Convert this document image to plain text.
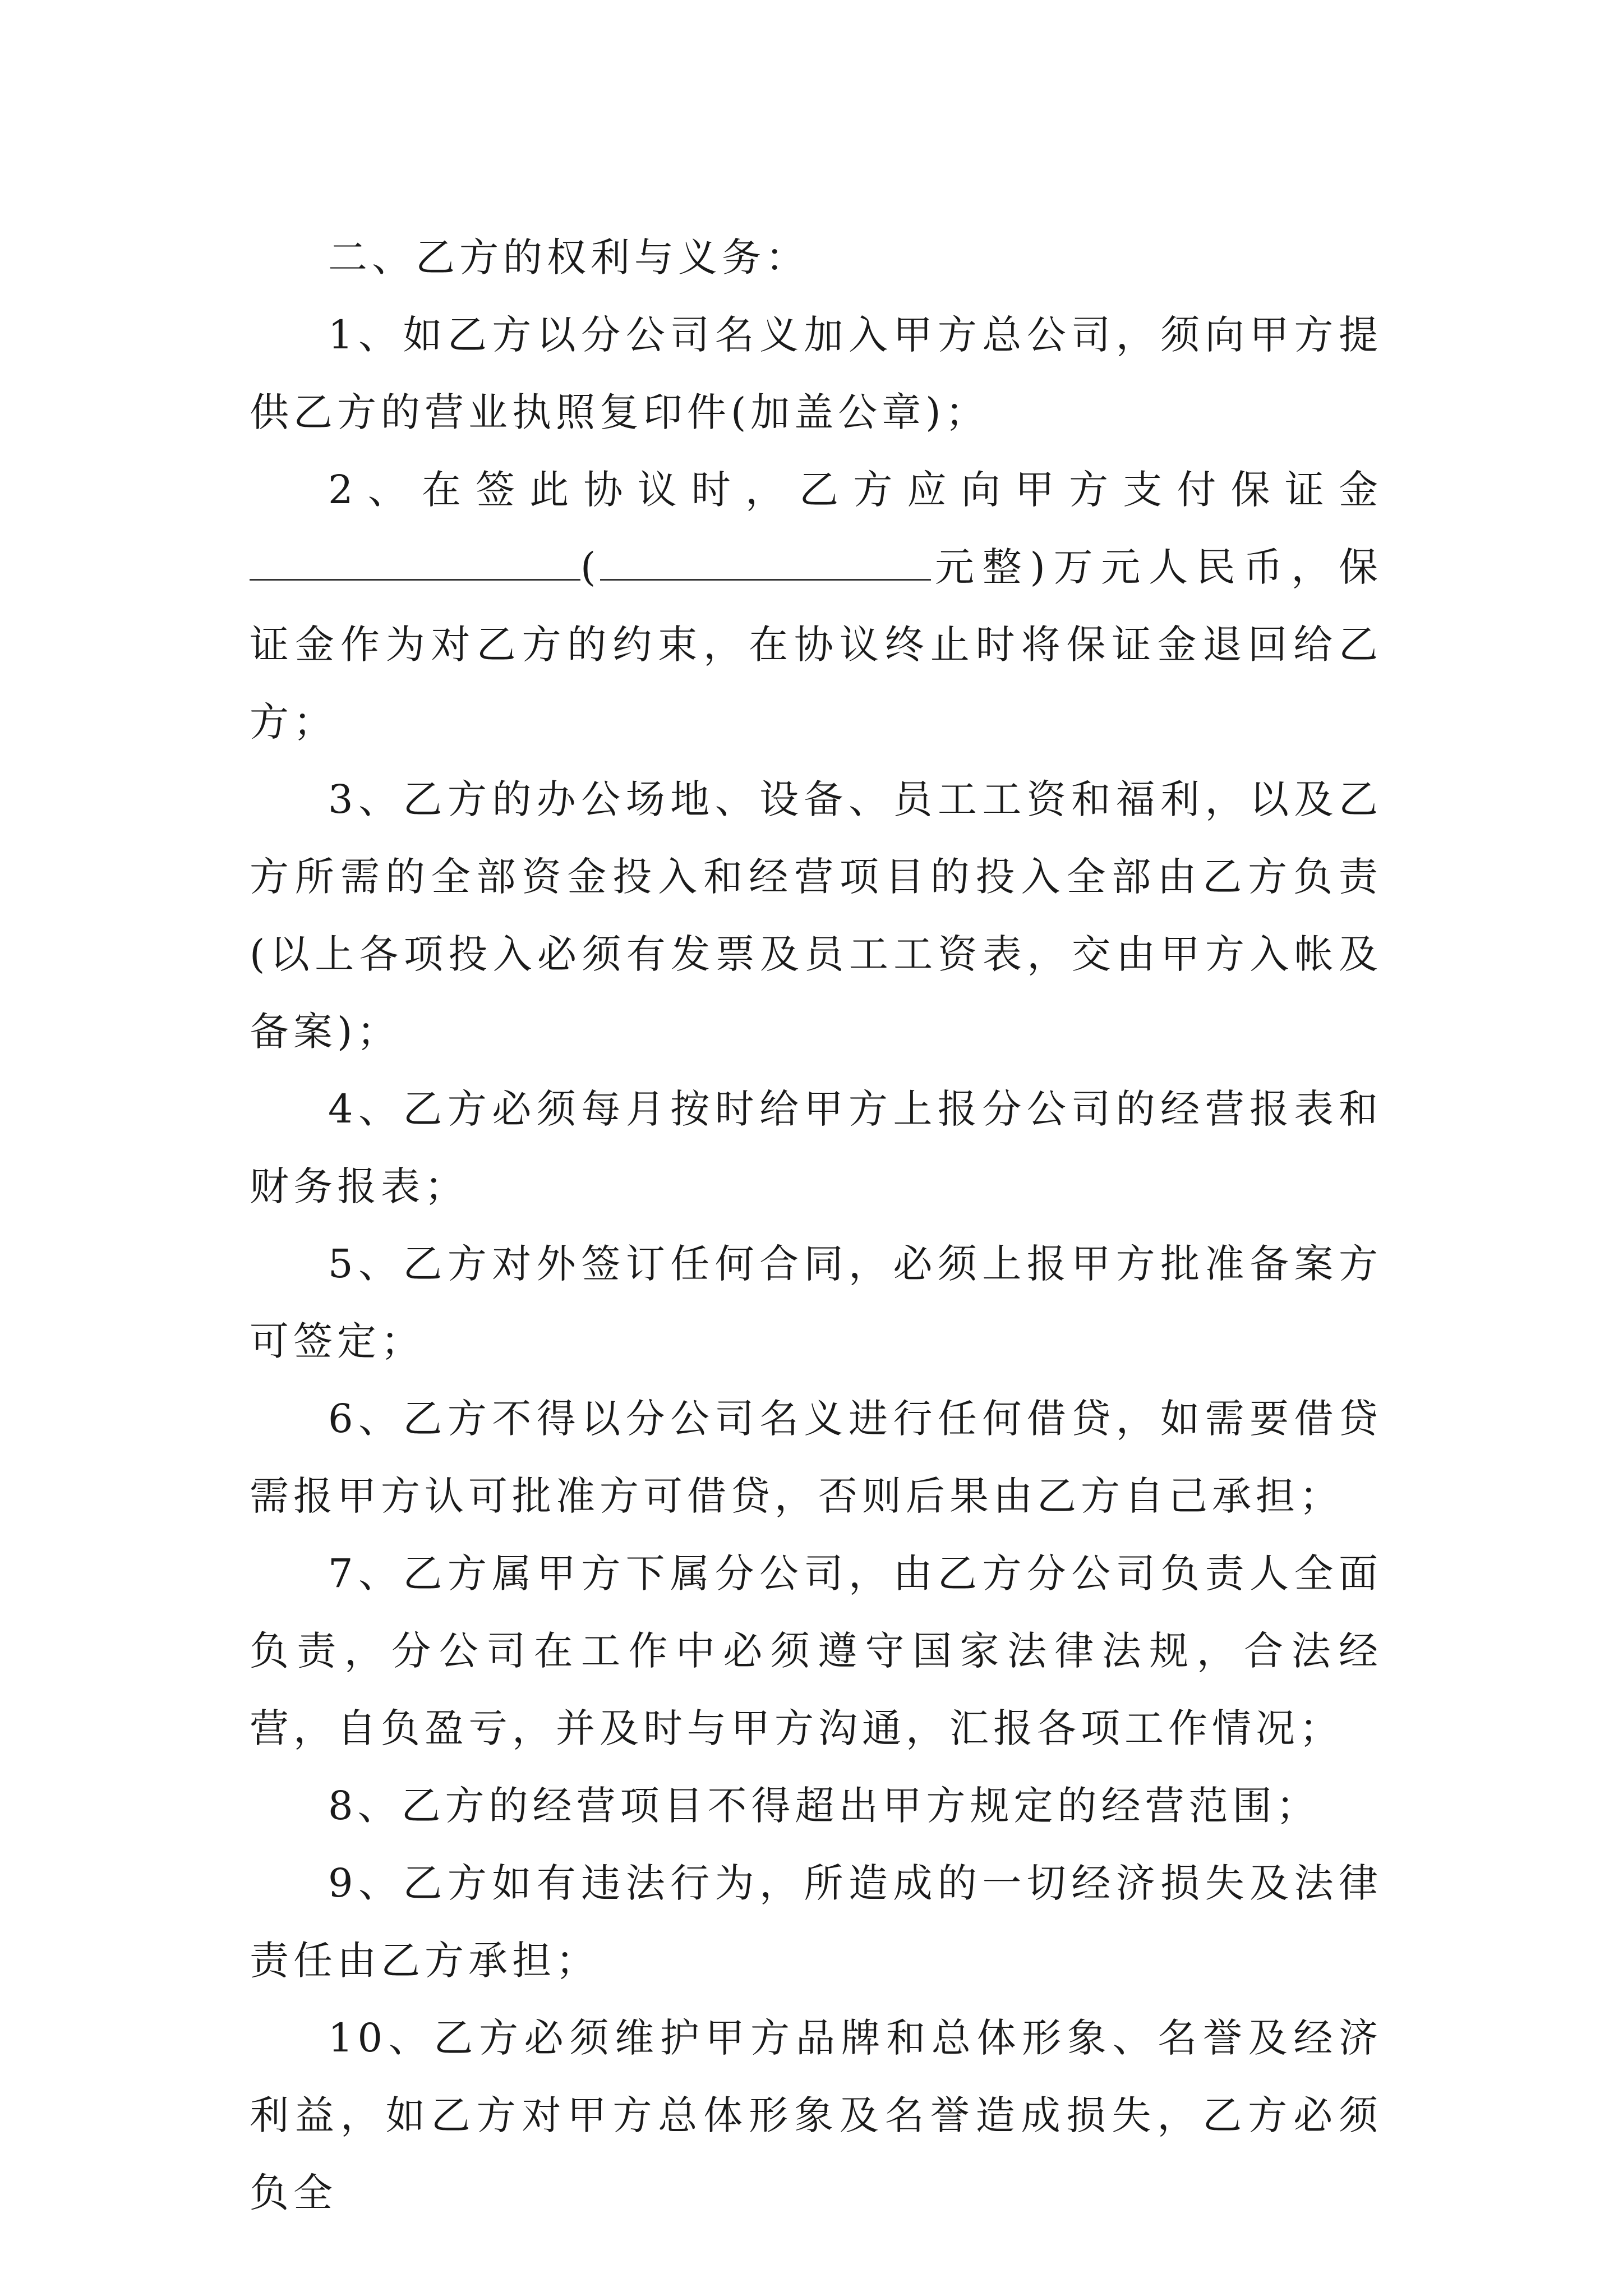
二、乙方的权利与义务：

1、如乙方以分公司名义加入甲方总公司，须向甲方提供乙方的营业执照复印件(加盖公章)；

2、在签此协议时，乙方应向甲方支付保证金(	元整)万元人民币，保证金作为对乙方的约束，在协议终止时将保证金退回给乙方；

3、乙方的办公场地、设备、员工工资和福利，以及乙方所需的全部资金投入和经营项目的投入全部由乙方负责(以上各项投入必须有发票及员工工资表，交由甲方入帐及备案)；

4、乙方必须每月按时给甲方上报分公司的经营报表和财务报表；

5、乙方对外签订任何合同，必须上报甲方批准备案方可签定；

6、乙方不得以分公司名义进行任何借贷，如需要借贷需报甲方认可批准方可借贷，否则后果由乙方自己承担；

7、乙方属甲方下属分公司，由乙方分公司负责人全面负责，分公司在工作中必须遵守国家法律法规，合法经营，自负盈亏，并及时与甲方沟通，汇报各项工作情况；

8、乙方的经营项目不得超出甲方规定的经营范围；

9、乙方如有违法行为，所造成的一切经济损失及法律责任由乙方承担；

10、乙方必须维护甲方品牌和总体形象、名誉及经济利益，如乙方对甲方总体形象及名誉造成损失，乙方必须负全
